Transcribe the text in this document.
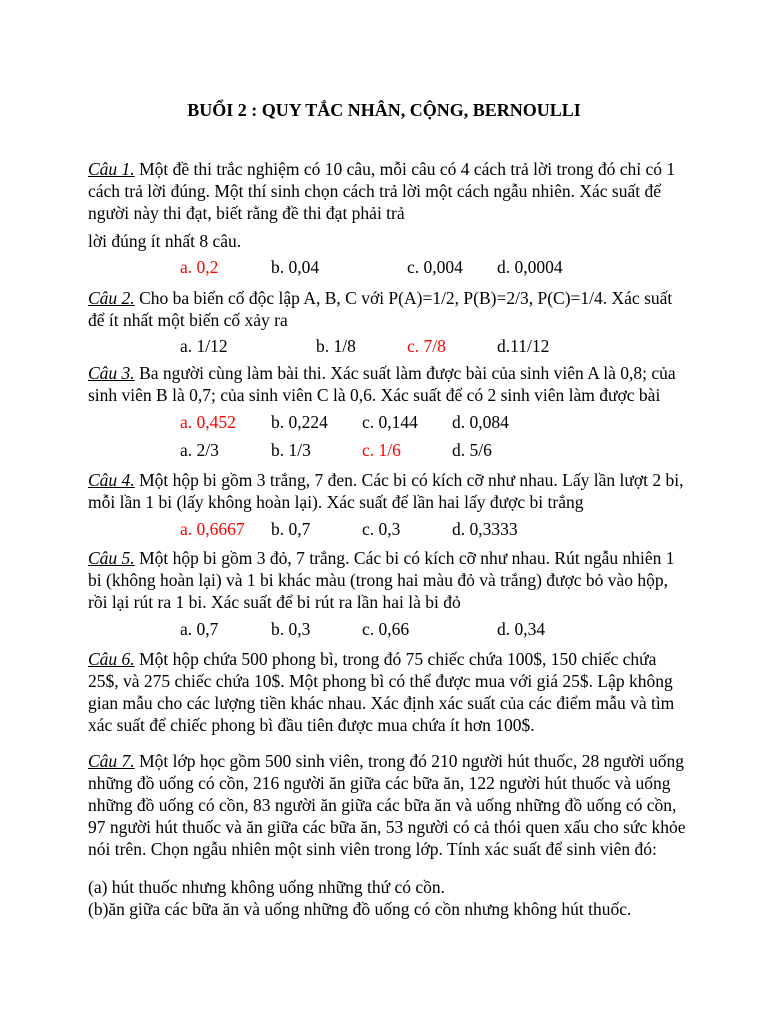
BUỔI 2 : QUY TẮC NHÂN, CỘNG, BERNOULLI
Câu 1. Một đề thi trắc nghiệm có 10 câu, mỗi câu có 4 cách trả lời trong đó chỉ có 1 cách trả lời đúng. Một thí sinh chọn cách trả lời một cách ngẫu nhiên. Xác suất để người này thi đạt, biết rằng đề thi đạt phải trả
lời đúng ít nhất 8 câu.
a. 0,2	b. 0,04	c. 0,004 d. 0,0004
Câu 2. Cho ba biến cố độc lập A, B, C với P(A)=1/2, P(B)=2/3, P(C)=1/4. Xác suất để ít nhất một biến cố xảy ra
a. 1/12	b. 1/8	c. 7/8	d.11/12
Câu 3. Ba người cùng làm bài thi. Xác suất làm được bài của sinh viên A là 0,8; của sinh viên B là 0,7; của sinh viên C là 0,6. Xác suất để có 2 sinh viên làm được bài
a. 0,452 b. 0,224 c. 0,144 d. 0,084
a. 2/3	b. 1/3	c. 1/6	d. 5/6
Câu 4. Một hộp bi gồm 3 trắng, 7 đen. Các bi có kích cỡ như nhau. Lấy lần lượt 2 bi, mỗi lần 1 bi (lấy không hoàn lại). Xác suất để lần hai lấy được bi trắng
a. 0,6667 b. 0,7	c. 0,3	d. 0,3333
Câu 5. Một hộp bi gồm 3 đỏ, 7 trắng. Các bi có kích cỡ như nhau. Rút ngẫu nhiên 1 bi (không hoàn lại) và 1 bi khác màu (trong hai màu đỏ và trắng) được bỏ vào hộp, rồi lại rút ra 1 bi. Xác suất để bi rút ra lần hai là bi đỏ
a. 0,7	b. 0,3	c. 0,66	d. 0,34
Câu 6. Một hộp chứa 500 phong bì, trong đó 75 chiếc chứa 100$, 150 chiếc chứa 25$, và 275 chiếc chứa 10$. Một phong bì có thể được mua với giá 25$. Lập không gian mẫu cho các lượng tiền khác nhau. Xác định xác suất của các điểm mẫu và tìm xác suất để chiếc phong bì đầu tiên được mua chứa ít hơn 100$.
Câu 7. Một lớp học gồm 500 sinh viên, trong đó 210 người hút thuốc, 28 người uống những đồ uống có cồn, 216 người ăn giữa các bữa ăn, 122 người hút thuốc và uống những đồ uống có cồn, 83 người ăn giữa các bữa ăn và uống những đồ uống có cồn, 97 người hút thuốc và ăn giữa các bữa ăn, 53 người có cả thói quen xấu cho sức khỏe nói trên. Chọn ngẫu nhiên một sinh viên trong lớp. Tính xác suất để sinh viên đó:
(a) hút thuốc nhưng không uống những thứ có cồn.
(b)ăn giữa các bữa ăn và uống những đồ uống có cồn nhưng không hút thuốc.
